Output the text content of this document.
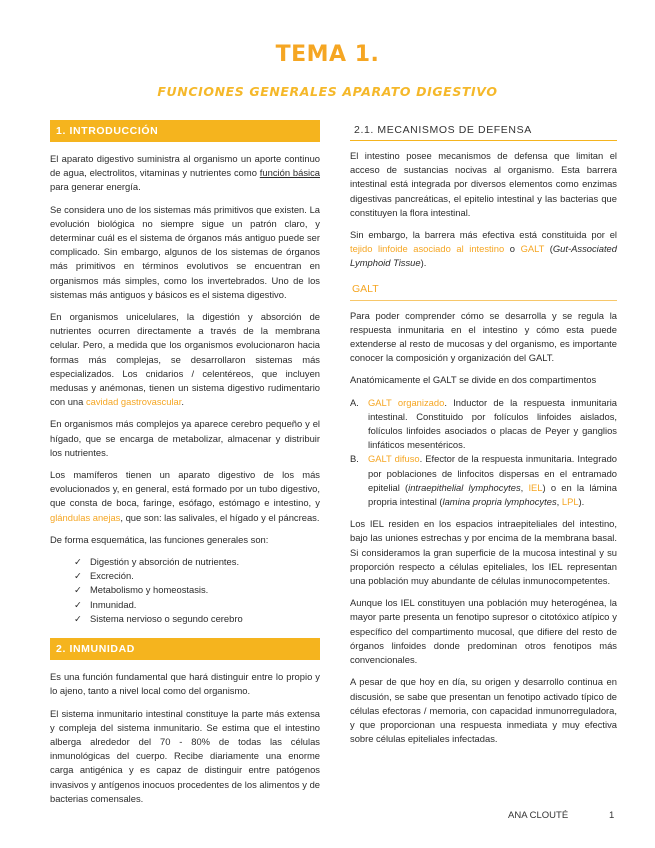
TEMA 1.
FUNCIONES GENERALES APARATO DIGESTIVO
1. INTRODUCCIÓN

El aparato digestivo suministra al organismo un aporte continuo de agua, electrolitos, vitaminas y nutrientes como función básica para generar energía.

Se considera uno de los sistemas más primitivos que existen. La evolución biológica no siempre sigue un patrón claro, y determinar cuál es el sistema de órganos más antiguo puede ser complicado. Sin embargo, algunos de los sistemas de órganos más primitivos en términos evolutivos se encuentran en organismos más simples, como los invertebrados. Uno de los sistemas más antiguos y básicos es el sistema digestivo.

En organismos unicelulares, la digestión y absorción de nutrientes ocurren directamente a través de la membrana celular. Pero, a medida que los organismos evolucionaron hacia formas más complejas, se desarrollaron sistemas más especializados. Los cnidarios / celentéreos, que incluyen medusas y anémonas, tienen un sistema digestivo rudimentario con una cavidad gastrovascular.

En organismos más complejos ya aparece cerebro pequeño y el hígado, que se encarga de metabolizar, almacenar y distribuir los nutrientes.

Los mamíferos tienen un aparato digestivo de los más evolucionados y, en general, está formado por un tubo digestivo, que consta de boca, faringe, esófago, estómago e intestino, y glándulas anejas, que son: las salivales, el hígado y el páncreas.

De forma esquemática, las funciones generales son:

✓ Digestión y absorción de nutrientes.
✓ Excreción.
✓ Metabolismo y homeostasis.
✓ Inmunidad.
✓ Sistema nervioso o segundo cerebro
2. INMUNIDAD

Es una función fundamental que hará distinguir entre lo propio y lo ajeno, tanto a nivel local como del organismo.

El sistema inmunitario intestinal constituye la parte más extensa y compleja del sistema inmunitario. Se estima que el intestino alberga alrededor del 70 - 80% de todas las células inmunológicas del cuerpo. Recibe diariamente una enorme carga antigénica y es capaz de distinguir entre patógenos invasivos y antígenos inocuos procedentes de los alimentos y de bacterias comensales.

2.1. MECANISMOS DE DEFENSA

El intestino posee mecanismos de defensa que limitan el acceso de sustancias nocivas al organismo. Esta barrera intestinal está integrada por diversos elementos como enzimas digestivas pancreáticas, el epitelio intestinal y las bacterias que constituyen la flora intestinal.

Sin embargo, la barrera más efectiva está constituida por el tejido linfoide asociado al intestino o GALT (Gut-Associated Lymphoid Tissue).

GALT

Para poder comprender cómo se desarrolla y se regula la respuesta inmunitaria en el intestino y cómo esta puede extenderse al resto de mucosas y del organismo, es importante conocer la composición y organización del GALT.

Anatómicamente el GALT se divide en dos compartimentos

A. GALT organizado. Inductor de la respuesta inmunitaria intestinal. Constituido por folículos linfoides aislados, folículos linfoides asociados o placas de Peyer y ganglios linfáticos mesentéricos.
B. GALT difuso. Efector de la respuesta inmunitaria. Integrado por poblaciones de linfocitos dispersas en el entramado epitelial (intraepithelial lymphocytes, IEL) o en la lámina propria intestinal (lamina propria lymphocytes, LPL).

Los IEL residen en los espacios intraepiteliales del intestino, bajo las uniones estrechas y por encima de la membrana basal. Si consideramos la gran superficie de la mucosa intestinal y su proporción respecto a células epiteliales, los IEL representan una población muy abundante de células inmunocompetentes.

Aunque los IEL constituyen una población muy heterogénea, la mayor parte presenta un fenotipo supresor o citotóxico atípico y específico del compartimento mucosal, que difiere del resto de órganos linfoides donde predominan otros fenotipos más convencionales.

A pesar de que hoy en día, su origen y desarrollo continua en discusión, se sabe que presentan un fenotipo activado típico de células efectoras / memoria, con capacidad inmunorreguladora, y que proporcionan una respuesta inmediata y muy efectiva sobre células epiteliales infectadas.

ANA CLOUTÉ	1
